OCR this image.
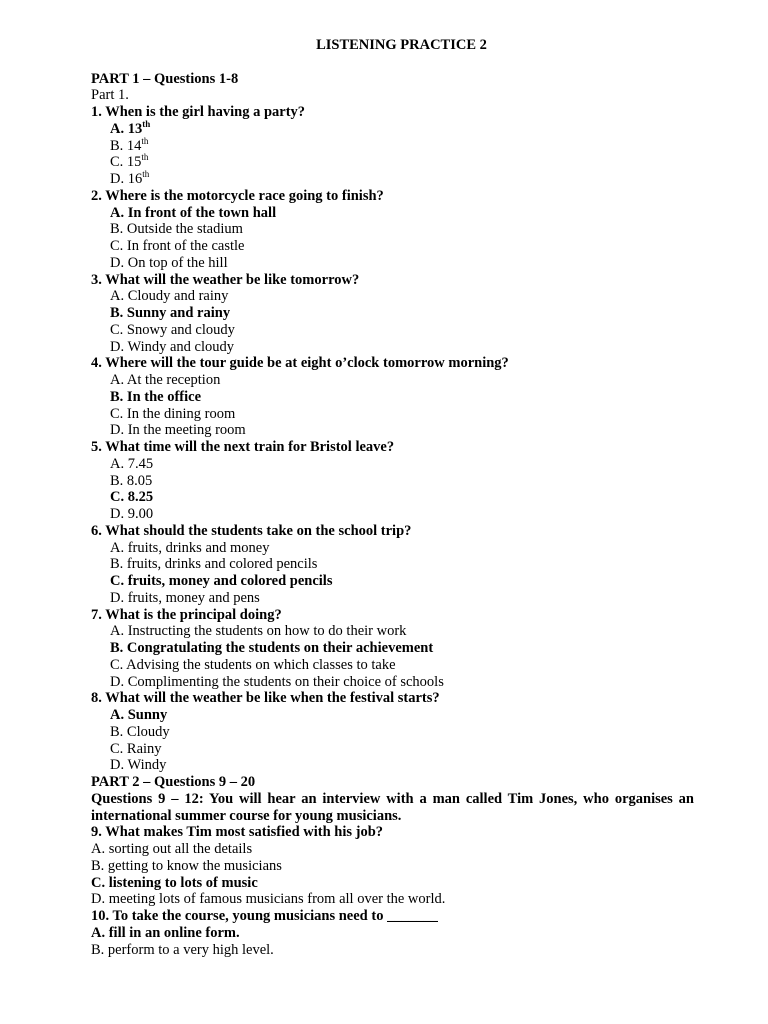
LISTENING PRACTICE 2
PART 1 – Questions 1-8
Part 1.
1. When is the girl having a party?
A. 13th
B. 14th
C. 15th
D. 16th
2. Where is the motorcycle race going to finish?
A. In front of the town hall
B. Outside the stadium
C. In front of the castle
D. On top of the hill
3. What will the weather be like tomorrow?
A. Cloudy and rainy
B. Sunny and rainy
C. Snowy and cloudy
D. Windy and cloudy
4. Where will the tour guide be at eight o’clock tomorrow morning?
A. At the reception
B. In the office
C. In the dining room
D. In the meeting room
5. What time will the next train for Bristol leave?
A. 7.45
B. 8.05
C. 8.25
D. 9.00
6. What should the students take on the school trip?
A. fruits, drinks and money
B. fruits, drinks and colored pencils
C. fruits, money and colored pencils
D. fruits, money and pens
7. What is the principal doing?
A. Instructing the students on how to do their work
B. Congratulating the students on their achievement
C. Advising the students on which classes to take
D. Complimenting the students on their choice of schools
8. What will the weather be like when the festival starts?
A. Sunny
B. Cloudy
C. Rainy
D. Windy
PART 2 – Questions 9 – 20
Questions 9 – 12: You will hear an interview with a man called Tim Jones, who organises an international summer course for young musicians.
9. What makes Tim most satisfied with his job?
A. sorting out all the details
B. getting to know the musicians
C. listening to lots of music
D. meeting lots of famous musicians from all over the world.
10. To take the course, young musicians need to _______
A. fill in an online form.
B. perform to a very high level.
